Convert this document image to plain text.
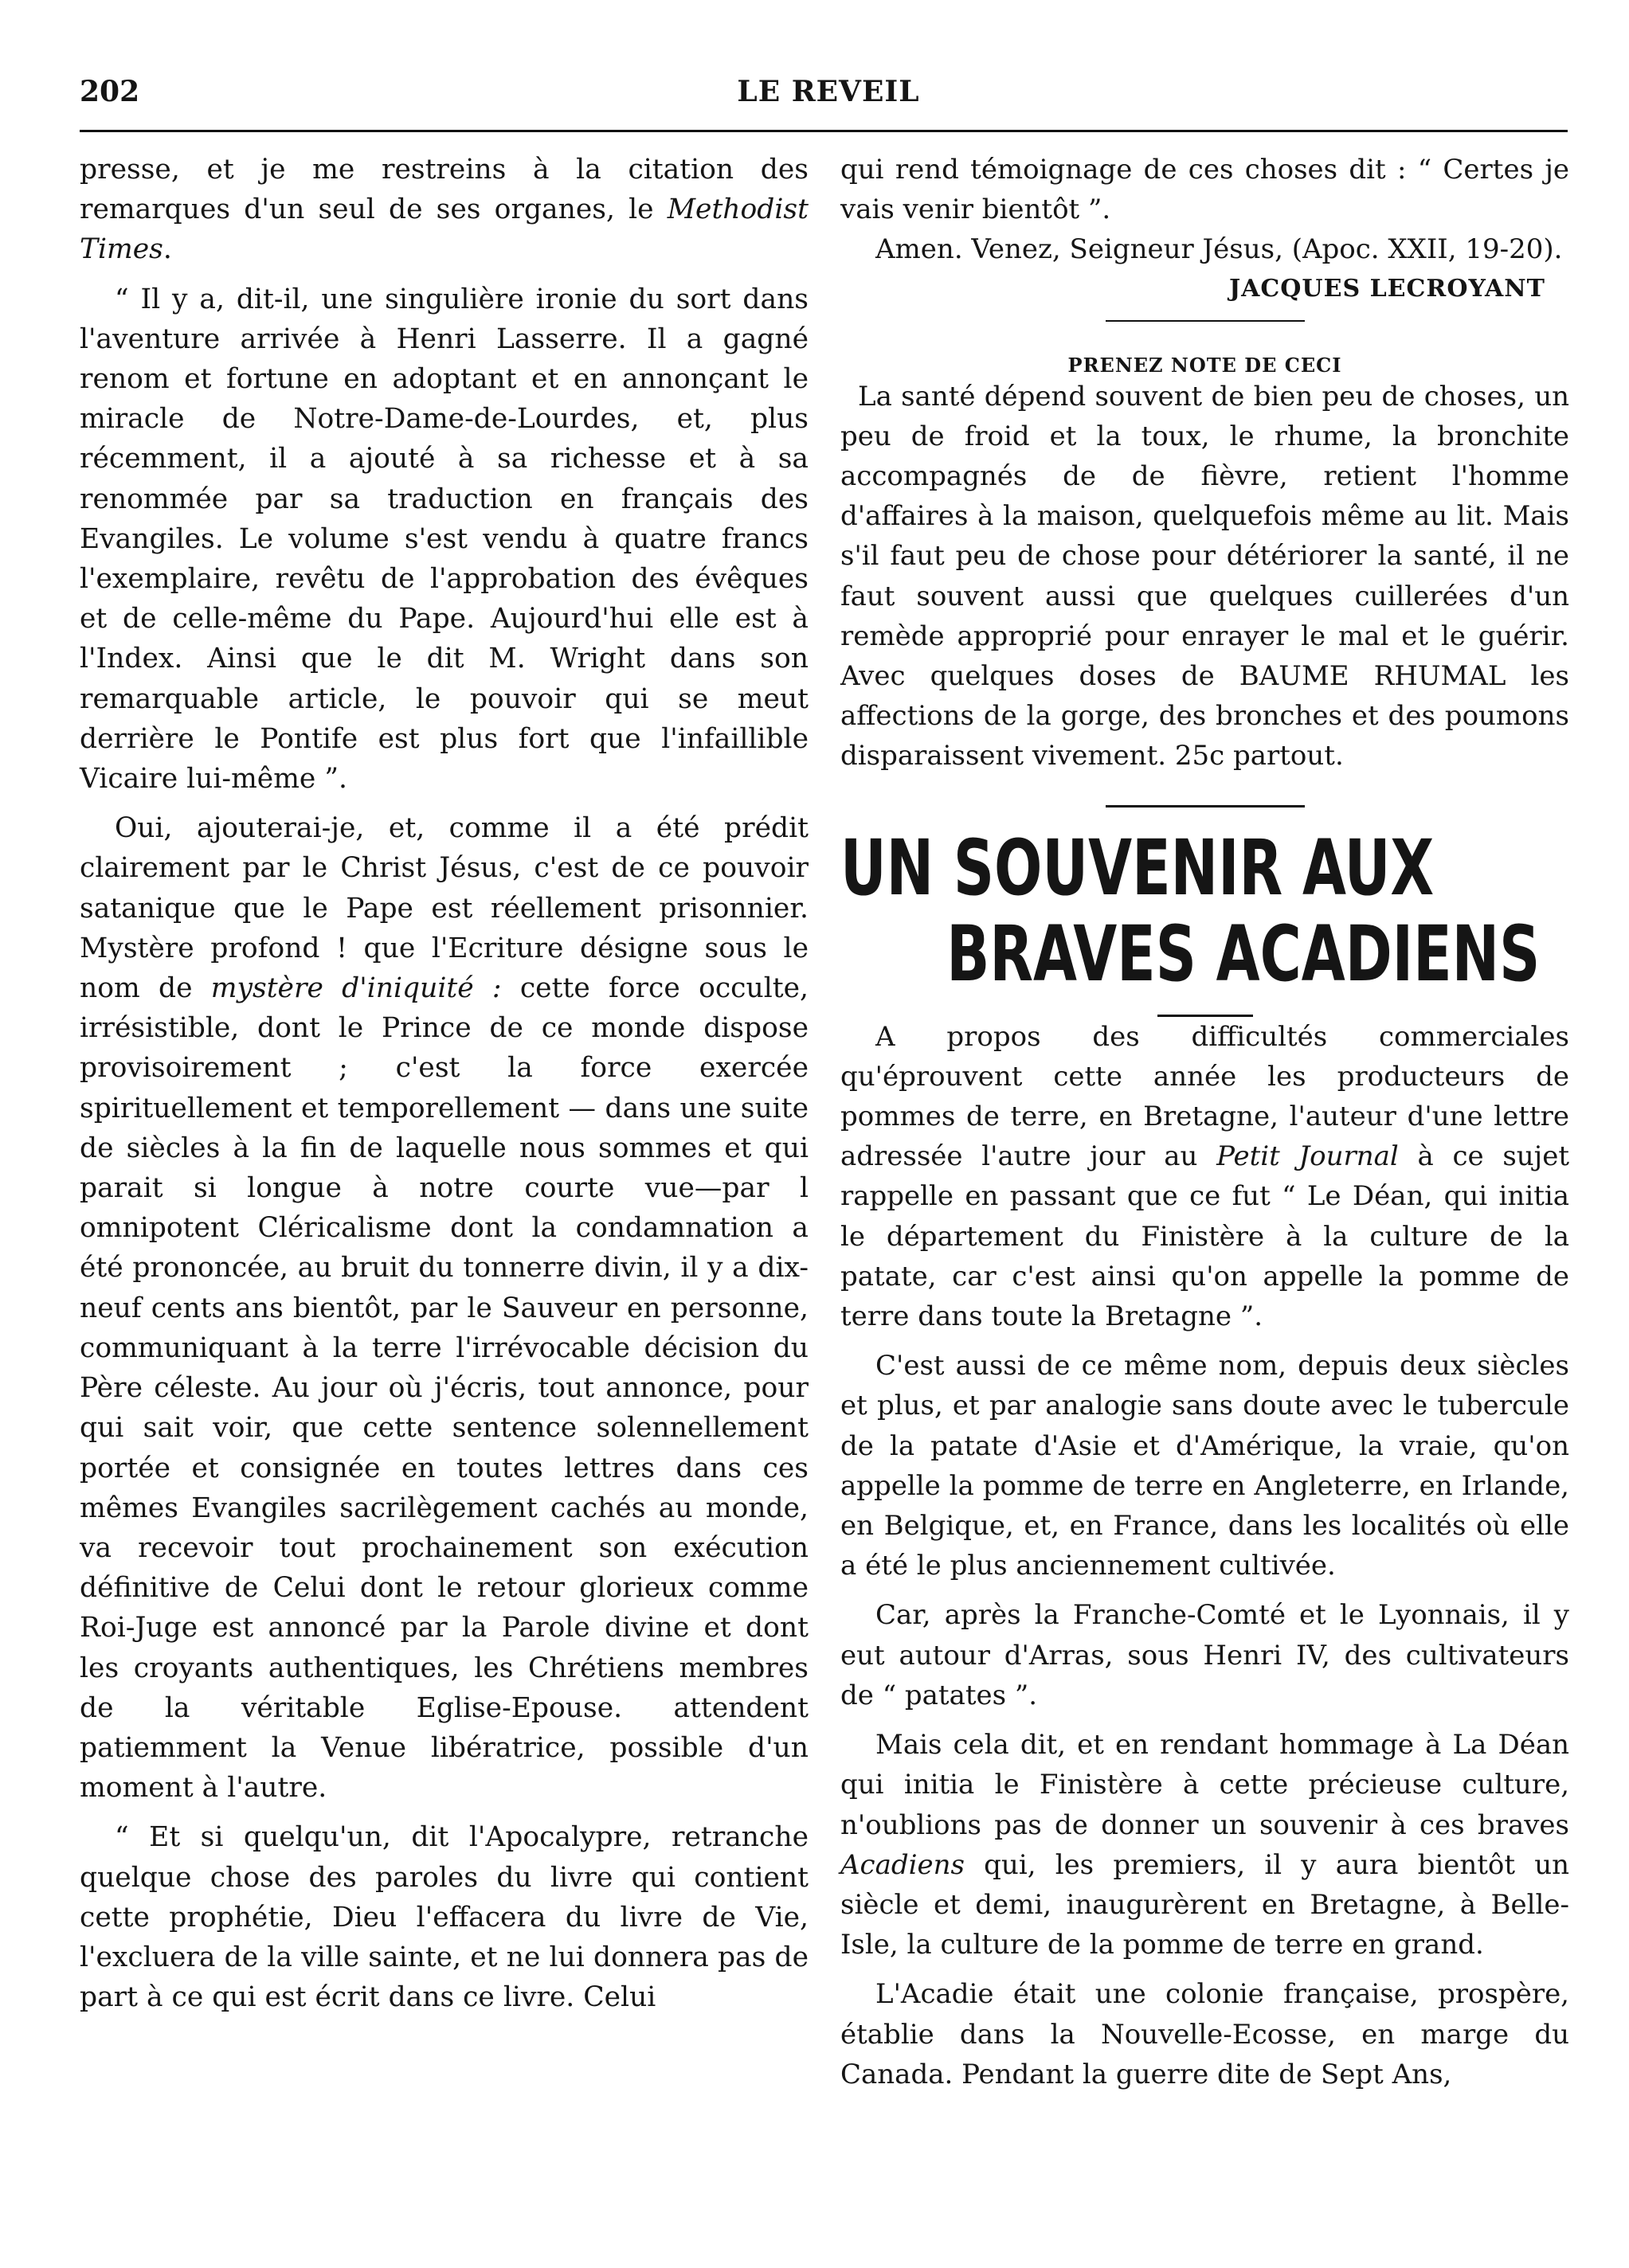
202	LE REVEIL

presse, et je me restreins à la citation des remarques d'un seul de ses organes, le Methodist Times.

“ Il y a, dit-il, une singulière ironie du sort dans l'aventure arrivée à Henri Lasserre. Il a gagné renom et fortune en adoptant et en annonçant le miracle de Notre-Dame-de-Lourdes, et, plus récemment, il a ajouté à sa richesse et à sa renommée par sa traduction en français des Evangiles. Le volume s'est vendu à quatre francs l'exemplaire, revêtu de l'approbation des évêques et de celle-même du Pape. Aujourd'hui elle est à l'Index. Ainsi que le dit M. Wright dans son remarquable article, le pouvoir qui se meut derrière le Pontife est plus fort que l'infaillible Vicaire lui-même ”.

Oui, ajouterai-je, et, comme il a été prédit clairement par le Christ Jésus, c'est de ce pouvoir satanique que le Pape est réellement prisonnier. Mystère profond ! que l'Ecriture désigne sous le nom de mystère d'iniquité : cette force occulte, irrésistible, dont le Prince de ce monde dispose provisoirement ; c'est la force exercée spirituellement et temporellement — dans une suite de siècles à la fin de laquelle nous sommes et qui parait si longue à notre courte vue—par l omnipotent Cléricalisme dont la condamnation a été prononcée, au bruit du tonnerre divin, il y a dix-neuf cents ans bientôt, par le Sauveur en personne, communiquant à la terre l'irrévocable décision du Père céleste. Au jour où j'écris, tout annonce, pour qui sait voir, que cette sentence solennellement portée et consignée en toutes lettres dans ces mêmes Evangiles sacrilègement cachés au monde, va recevoir tout prochainement son exécution définitive de Celui dont le retour glorieux comme Roi-Juge est annoncé par la Parole divine et dont les croyants authentiques, les Chrétiens membres de la véritable Eglise-Epouse. attendent patiemment la Venue libératrice, possible d'un moment à l'autre.

“ Et si quelqu'un, dit l'Apocalypre, retranche quelque chose des paroles du livre qui contient cette prophétie, Dieu l'effacera du livre de Vie, l'excluera de la ville sainte, et ne lui donnera pas de part à ce qui est écrit dans ce livre. Celui

qui rend témoignage de ces choses dit : “ Certes je vais venir bientôt ”.

Amen. Venez, Seigneur Jésus, (Apoc. XXII, 19-20).

JACQUES LECROYANT
PRENEZ NOTE DE CECI

La santé dépend souvent de bien peu de choses, un peu de froid et la toux, le rhume, la bronchite accompagnés de de fièvre, retient l'homme d'affaires à la maison, quelquefois même au lit. Mais s'il faut peu de chose pour détériorer la santé, il ne faut souvent aussi que quelques cuillerées d'un remède approprié pour enrayer le mal et le guérir. Avec quelques doses de BAUME RHUMAL les affections de la gorge, des bronches et des poumons disparaissent vivement. 25c partout.

UN SOUVENIR AUX
BRAVES ACADIENS

A propos des difficultés commerciales qu'éprouvent cette année les producteurs de pommes de terre, en Bretagne, l'auteur d'une lettre adressée l'autre jour au Petit Journal à ce sujet rappelle en passant que ce fut “ Le Déan, qui initia le département du Finistère à la culture de la patate, car c'est ainsi qu'on appelle la pomme de terre dans toute la Bretagne ”.

C'est aussi de ce même nom, depuis deux siècles et plus, et par analogie sans doute avec le tubercule de la patate d'Asie et d'Amérique, la vraie, qu'on appelle la pomme de terre en Angleterre, en Irlande, en Belgique, et, en France, dans les localités où elle a été le plus anciennement cultivée.

Car, après la Franche-Comté et le Lyonnais, il y eut autour d'Arras, sous Henri IV, des cultivateurs de “ patates ”.

Mais cela dit, et en rendant hommage à La Déan qui initia le Finistère à cette précieuse culture, n'oublions pas de donner un souvenir à ces braves Acadiens qui, les premiers, il y aura bientôt un siècle et demi, inaugurèrent en Bretagne, à Belle-Isle, la culture de la pomme de terre en grand.

L'Acadie était une colonie française, prospère, établie dans la Nouvelle-Ecosse, en marge du Canada. Pendant la guerre dite de Sept Ans,
